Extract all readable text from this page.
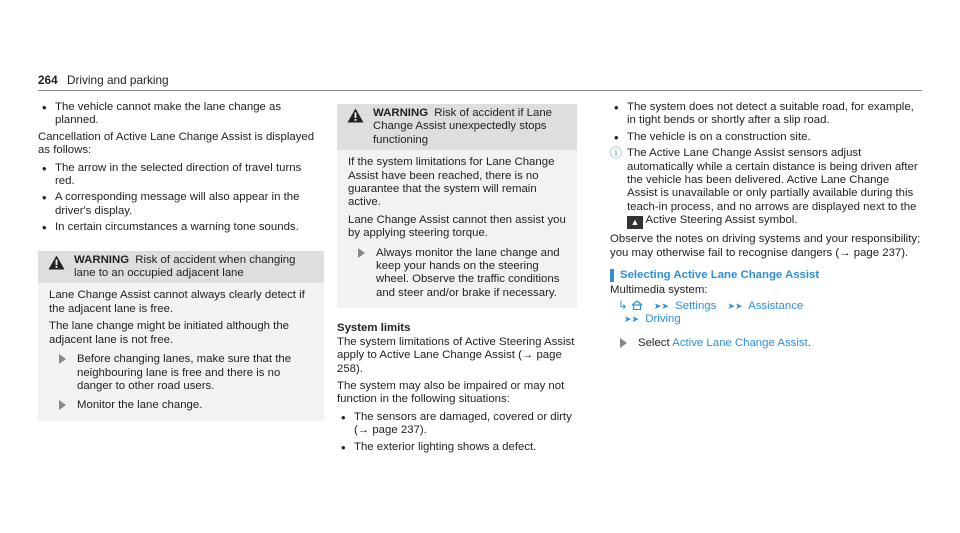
264 Driving and parking
• The vehicle cannot make the lane change as planned.

Cancellation of Active Lane Change Assist is displayed as follows:

• The arrow in the selected direction of travel turns red.
• A corresponding message will also appear in the driver's display.
• In certain circumstances a warning tone sounds.
WARNING Risk of accident when changing lane to an occupied adjacent lane

Lane Change Assist cannot always clearly detect if the adjacent lane is free.

The lane change might be initiated although the adjacent lane is not free.

Before changing lanes, make sure that the neighbouring lane is free and there is no danger to other road users.
Monitor the lane change.
WARNING Risk of accident if Lane Change Assist unexpectedly stops functioning

If the system limitations for Lane Change Assist have been reached, there is no guarantee that the system will remain active.

Lane Change Assist cannot then assist you by applying steering torque.

Always monitor the lane change and keep your hands on the steering wheel. Observe the traffic conditions and steer and/or brake if necessary.

System limits

The system limitations of Active Steering Assist apply to Active Lane Change Assist (→ page 258).

The system may also be impaired or may not function in the following situations:

• The sensors are damaged, covered or dirty (→ page 237).
• The exterior lighting shows a defect.
• The system does not detect a suitable road, for example, in tight bends or shortly after a slip road.
• The vehicle is on a construction site.
ⓘ The Active Lane Change Assist sensors adjust automatically while a certain distance is being driven after the vehicle has been delivered. Active Lane Change Assist is unavailable or only partially available during this teach-in process, and no arrows are displayed next to the ▲ Active Steering Assist symbol.

Observe the notes on driving systems and your responsibility; you may otherwise fail to recognise dangers (→ page 237).

Selecting Active Lane Change Assist

Multimedia system:

↳	➤➤ Settings ➤➤ Assistance
➤➤ Driving
Select Active Lane Change Assist.
